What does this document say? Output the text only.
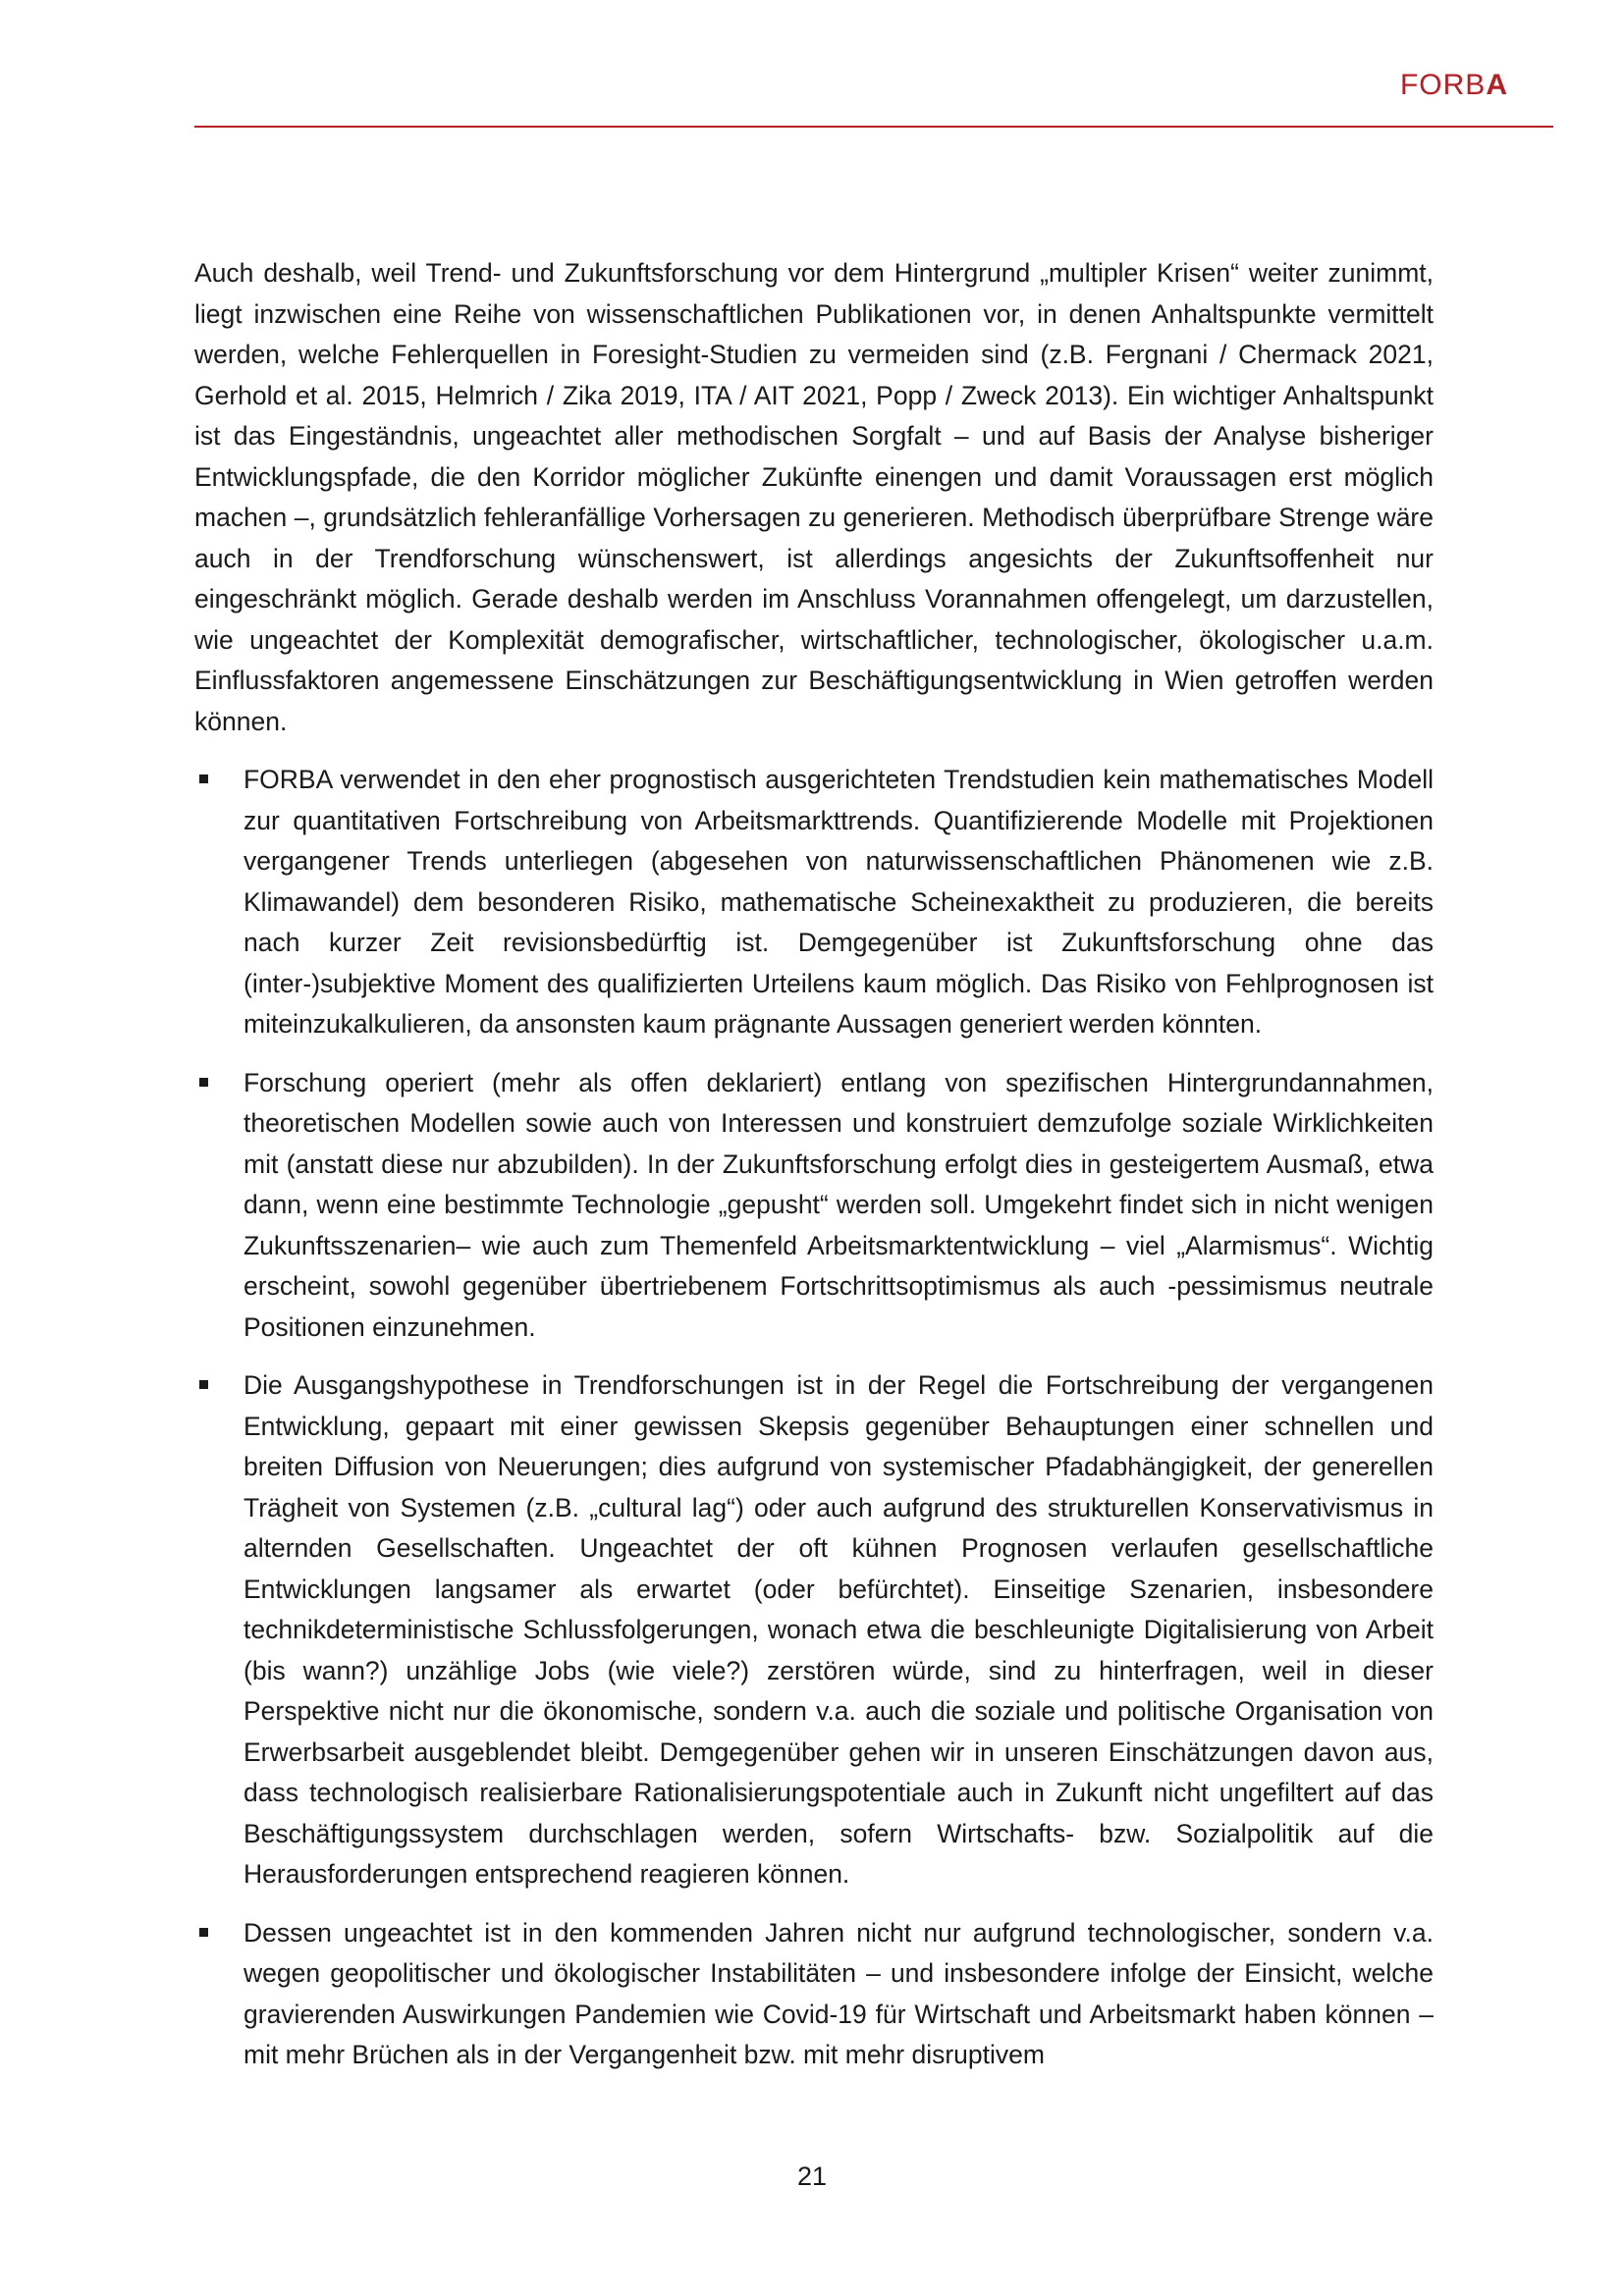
FORBA

Auch deshalb, weil Trend- und Zukunftsforschung vor dem Hintergrund „multipler Krisen“ weiter zunimmt, liegt inzwischen eine Reihe von wissenschaftlichen Publikationen vor, in denen Anhaltspunkte vermittelt werden, welche Fehlerquellen in Foresight-Studien zu vermeiden sind (z.B. Fergnani / Chermack 2021, Gerhold et al. 2015, Helmrich / Zika 2019, ITA / AIT 2021, Popp / Zweck 2013). Ein wichtiger Anhaltspunkt ist das Eingeständnis, ungeachtet aller methodischen Sorgfalt – und auf Basis der Analyse bisheriger Entwicklungspfade, die den Korridor möglicher Zukünfte einengen und damit Voraussagen erst möglich machen –, grundsätzlich fehleranfällige Vorhersagen zu generieren. Methodisch überprüfbare Strenge wäre auch in der Trendforschung wünschenswert, ist allerdings angesichts der Zukunftsoffenheit nur eingeschränkt möglich. Gerade deshalb werden im Anschluss Vorannahmen offengelegt, um darzustellen, wie ungeachtet der Komplexität demografischer, wirtschaftlicher, technologischer, ökologischer u.a.m. Einflussfaktoren angemessene Einschätzungen zur Beschäftigungsentwicklung in Wien getroffen werden können.

FORBA verwendet in den eher prognostisch ausgerichteten Trendstudien kein mathematisches Modell zur quantitativen Fortschreibung von Arbeitsmarkttrends. Quantifizierende Modelle mit Projektionen vergangener Trends unterliegen (abgesehen von naturwissenschaftlichen Phänomenen wie z.B. Klimawandel) dem besonderen Risiko, mathematische Scheinexaktheit zu produzieren, die bereits nach kurzer Zeit revisionsbedürftig ist. Demgegenüber ist Zukunftsforschung ohne das (inter-)subjektive Moment des qualifizierten Urteilens kaum möglich. Das Risiko von Fehlprognosen ist miteinzukalkulieren, da ansonsten kaum prägnante Aussagen generiert werden könnten.
Forschung operiert (mehr als offen deklariert) entlang von spezifischen Hintergrundannahmen, theoretischen Modellen sowie auch von Interessen und konstruiert demzufolge soziale Wirklichkeiten mit (anstatt diese nur abzubilden). In der Zukunftsforschung erfolgt dies in gesteigertem Ausmaß, etwa dann, wenn eine bestimmte Technologie „gepusht“ werden soll. Umgekehrt findet sich in nicht wenigen Zukunftsszenarien– wie auch zum Themenfeld Arbeitsmarktentwicklung – viel „Alarmismus“. Wichtig erscheint, sowohl gegenüber übertriebenem Fortschrittsoptimismus als auch -pessimismus neutrale Positionen einzunehmen.
Die Ausgangshypothese in Trendforschungen ist in der Regel die Fortschreibung der vergangenen Entwicklung, gepaart mit einer gewissen Skepsis gegenüber Behauptungen einer schnellen und breiten Diffusion von Neuerungen; dies aufgrund von systemischer Pfadabhängigkeit, der generellen Trägheit von Systemen (z.B. „cultural lag“) oder auch aufgrund des strukturellen Konservativismus in alternden Gesellschaften. Ungeachtet der oft kühnen Prognosen verlaufen gesellschaftliche Entwicklungen langsamer als erwartet (oder befürchtet). Einseitige Szenarien, insbesondere technikdeterministische Schlussfolgerungen, wonach etwa die beschleunigte Digitalisierung von Arbeit (bis wann?) unzählige Jobs (wie viele?) zerstören würde, sind zu hinterfragen, weil in dieser Perspektive nicht nur die ökonomische, sondern v.a. auch die soziale und politische Organisation von Erwerbsarbeit ausgeblendet bleibt. Demgegenüber gehen wir in unseren Einschätzungen davon aus, dass technologisch realisierbare Rationalisierungspotentiale auch in Zukunft nicht ungefiltert auf das Beschäftigungssystem durchschlagen werden, sofern Wirtschafts- bzw. Sozialpolitik auf die Herausforderungen entsprechend reagieren können.
Dessen ungeachtet ist in den kommenden Jahren nicht nur aufgrund technologischer, sondern v.a. wegen geopolitischer und ökologischer Instabilitäten – und insbesondere infolge der Einsicht, welche gravierenden Auswirkungen Pandemien wie Covid-19 für Wirtschaft und Arbeitsmarkt haben können – mit mehr Brüchen als in der Vergangenheit bzw. mit mehr disruptivem
21
